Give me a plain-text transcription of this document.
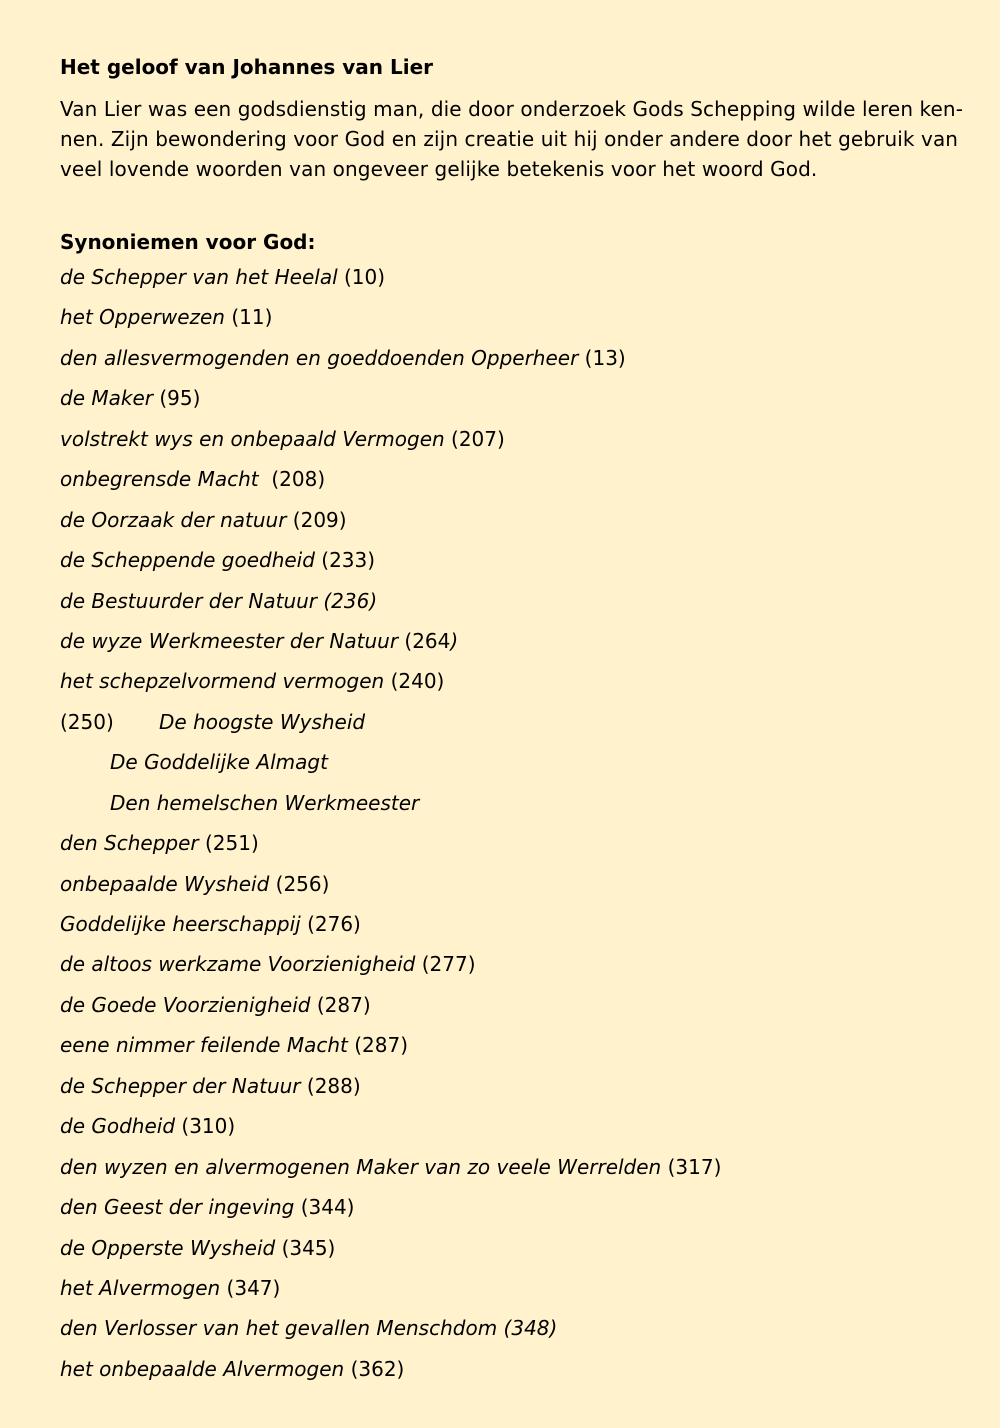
Het geloof van Johannes van Lier

Van Lier was een godsdienstig man, die door onderzoek Gods Schepping wilde leren ken-
nen. Zijn bewondering voor God en zijn creatie uit hij onder andere door het gebruik van
veel lovende woorden van ongeveer gelijke betekenis voor het woord God.

Synoniemen voor God:
de Schepper van het Heelal (10)
het Opperwezen (11)
den allesvermogenden en goeddoenden Opperheer (13)
de Maker (95)
volstrekt wys en onbepaald Vermogen (207)
onbegrensde Macht  (208)
de Oorzaak der natuur (209)
de Scheppende goedheid (233)
de Bestuurder der Natuur (236)
de wyze Werkmeester der Natuur (264)
het schepzelvormend vermogen (240)
(250) De hoogste Wysheid
De Goddelijke Almagt
Den hemelschen Werkmeester
den Schepper (251)
onbepaalde Wysheid (256)
Goddelijke heerschappij (276)
de altoos werkzame Voorzienigheid (277)
de Goede Voorzienigheid (287)
eene nimmer feilende Macht (287)
de Schepper der Natuur (288)
de Godheid (310)
den wyzen en alvermogenen Maker van zo veele Werrelden (317)
den Geest der ingeving (344)
de Opperste Wysheid (345)
het Alvermogen (347)
den Verlosser van het gevallen Menschdom (348)
het onbepaalde Alvermogen (362)
